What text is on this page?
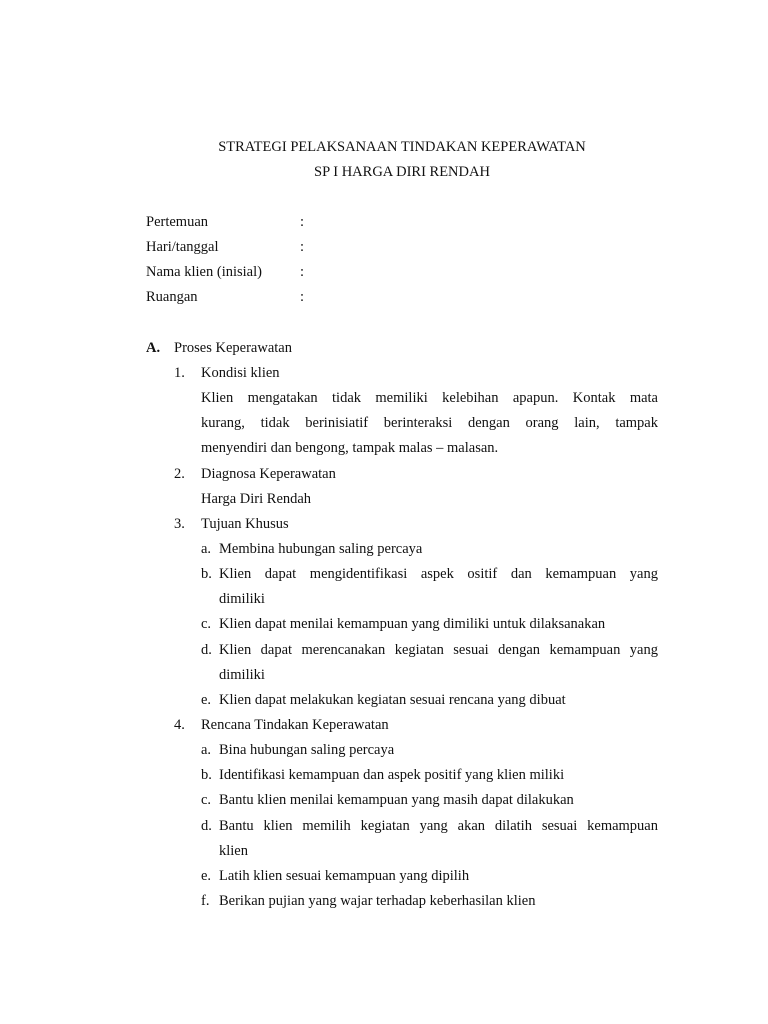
STRATEGI PELAKSANAAN TINDAKAN KEPERAWATAN
SP I HARGA DIRI RENDAH
Pertemuan	:
Hari/tanggal	:
Nama klien (inisial)	:
Ruangan	:
A. Proses Keperawatan
1. Kondisi klien
Klien mengatakan tidak memiliki kelebihan apapun. Kontak mata
kurang, tidak berinisiatif berinteraksi dengan orang lain, tampak
menyendiri dan bengong, tampak malas – malasan.
2. Diagnosa Keperawatan
Harga Diri Rendah
3. Tujuan Khusus
a. Membina hubungan saling percaya
b. Klien dapat mengidentifikasi aspek ositif dan kemampuan yang
dimiliki
c. Klien dapat menilai kemampuan yang dimiliki untuk dilaksanakan
d. Klien dapat merencanakan kegiatan sesuai dengan kemampuan yang
dimiliki
e. Klien dapat melakukan kegiatan sesuai rencana yang dibuat
4. Rencana Tindakan Keperawatan
a. Bina hubungan saling percaya
b. Identifikasi kemampuan dan aspek positif yang klien miliki
c. Bantu klien menilai kemampuan yang masih dapat dilakukan
d. Bantu klien memilih kegiatan yang akan dilatih sesuai kemampuan
klien
e. Latih klien sesuai kemampuan yang dipilih
f. Berikan pujian yang wajar terhadap keberhasilan klien
